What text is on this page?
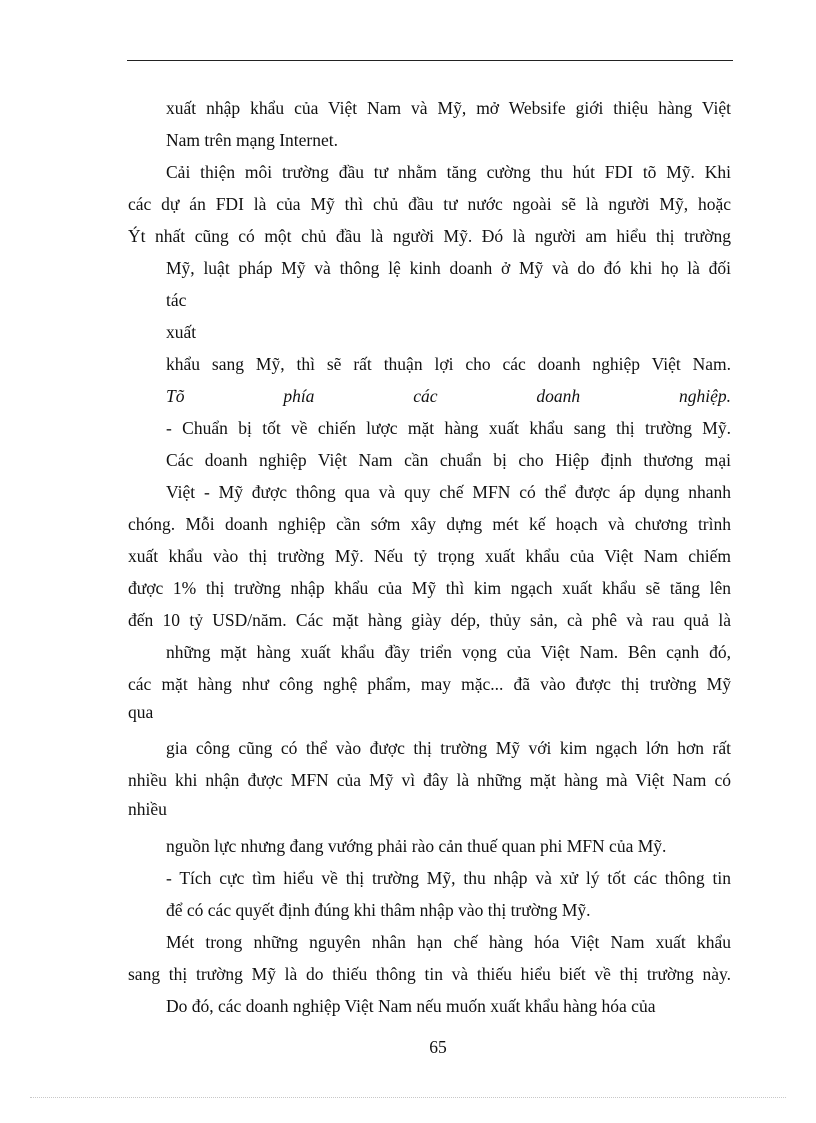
xuất nhập khẩu của Việt Nam và Mỹ, mở Websife giới thiệu hàng Việt
Nam trên mạng Internet.
Cải thiện môi trường đầu tư nhằm tăng cường thu hút FDI tõ Mỹ. Khi
các dự án FDI là của Mỹ thì chủ đầu tư nước ngoài sẽ là người Mỹ, hoặc
Ýt nhất cũng có một chủ đầu là người Mỹ. Đó là người am hiểu thị trường
Mỹ, luật pháp Mỹ và thông lệ kinh doanh ở Mỹ và do đó khi họ là đối
tác
xuất
khẩu sang Mỹ, thì sẽ rất thuận lợi cho các doanh nghiệp Việt Nam.
Tõ phía các doanh nghiệp.
- Chuẩn bị tốt về chiến lược mặt hàng xuất khẩu sang thị trường Mỹ.
Các doanh nghiệp Việt Nam cần chuẩn bị cho Hiệp định thương mại
Việt - Mỹ được thông qua và quy chế MFN có thể được áp dụng nhanh
chóng. Mỗi doanh nghiệp cần sớm xây dựng mét kế hoạch và chương trình
xuất khẩu vào thị trường Mỹ. Nếu tỷ trọng xuất khẩu của Việt Nam chiếm
được 1% thị trường nhập khẩu của Mỹ thì kim ngạch xuất khẩu sẽ tăng lên
đến 10 tỷ USD/năm. Các mặt hàng giày dép, thủy sản, cà phê và rau quả là
những mặt hàng xuất khẩu đầy triển vọng của Việt Nam. Bên cạnh đó,
các mặt hàng như công nghệ phẩm, may mặc... đã vào được thị trường Mỹ
qua
gia công cũng có thể vào được thị trường Mỹ với kim ngạch lớn hơn rất
nhiều khi nhận được MFN của Mỹ vì đây là những mặt hàng mà Việt Nam có
nhiều
nguồn lực nhưng đang vướng phải rào cản thuế quan phi MFN của Mỹ.
- Tích cực tìm hiểu về thị trường Mỹ, thu nhập và xử lý tốt các thông tin
để có các quyết định đúng khi thâm nhập vào thị trường Mỹ.
Mét trong những nguyên nhân hạn chế hàng hóa Việt Nam xuất khẩu
sang thị trường Mỹ là do thiếu thông tin và thiếu hiểu biết về thị trường này.
Do đó, các doanh nghiệp Việt Nam nếu muốn xuất khẩu hàng hóa của
65
